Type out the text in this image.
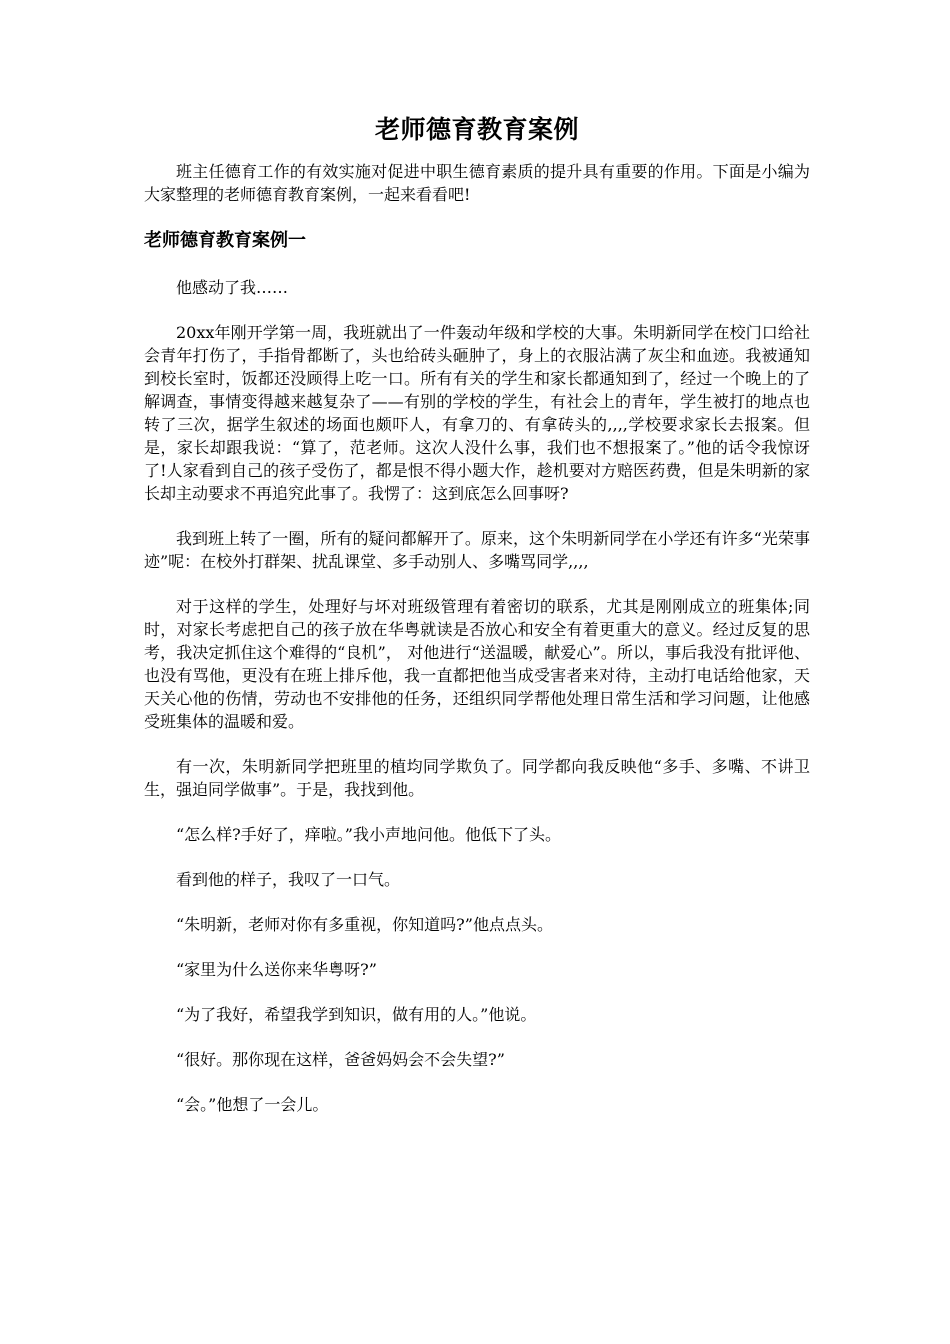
老师德育教育案例

班主任德育工作的有效实施对促进中职生德育素质的提升具有重要的作用。下面是小编为大家整理的老师德育教育案例，一起来看看吧!

老师德育教育案例一

他感动了我……

20xx年刚开学第一周，我班就出了一件轰动年级和学校的大事。朱明新同学在校门口给社会青年打伤了，手指骨都断了，头也给砖头砸肿了，身上的衣服沾满了灰尘和血迹。我被通知到校长室时，饭都还没顾得上吃一口。所有有关的学生和家长都通知到了，经过一个晚上的了解调查，事情变得越来越复杂了——有别的学校的学生，有社会上的青年，学生被打的地点也转了三次，据学生叙述的场面也颇吓人，有拿刀的、有拿砖头的,,,,学校要求家长去报案。但是，家长却跟我说：“算了，范老师。这次人没什么事，我们也不想报案了。”他的话令我惊讶了!人家看到自己的孩子受伤了，都是恨不得小题大作，趁机要对方赔医药费，但是朱明新的家长却主动要求不再追究此事了。我愣了：这到底怎么回事呀?

我到班上转了一圈，所有的疑问都解开了。原来，这个朱明新同学在小学还有许多“光荣事迹”呢：在校外打群架、扰乱课堂、多手动别人、多嘴骂同学,,,,

对于这样的学生，处理好与坏对班级管理有着密切的联系，尤其是刚刚成立的班集体;同时，对家长考虑把自己的孩子放在华粤就读是否放心和安全有着更重大的意义。经过反复的思考，我决定抓住这个难得的“良机”， 对他进行“送温暖，献爱心”。所以，事后我没有批评他、也没有骂他，更没有在班上排斥他，我一直都把他当成受害者来对待，主动打电话给他家，天天关心他的伤情，劳动也不安排他的任务，还组织同学帮他处理日常生活和学习问题，让他感受班集体的温暖和爱。

有一次，朱明新同学把班里的植均同学欺负了。同学都向我反映他“多手、多嘴、不讲卫生，强迫同学做事”。于是，我找到他。

“怎么样?手好了，痒啦。”我小声地问他。他低下了头。

看到他的样子，我叹了一口气。

“朱明新，老师对你有多重视，你知道吗?”他点点头。

“家里为什么送你来华粤呀?”

“为了我好，希望我学到知识，做有用的人。”他说。

“很好。那你现在这样，爸爸妈妈会不会失望?”

“会。”他想了一会儿。
